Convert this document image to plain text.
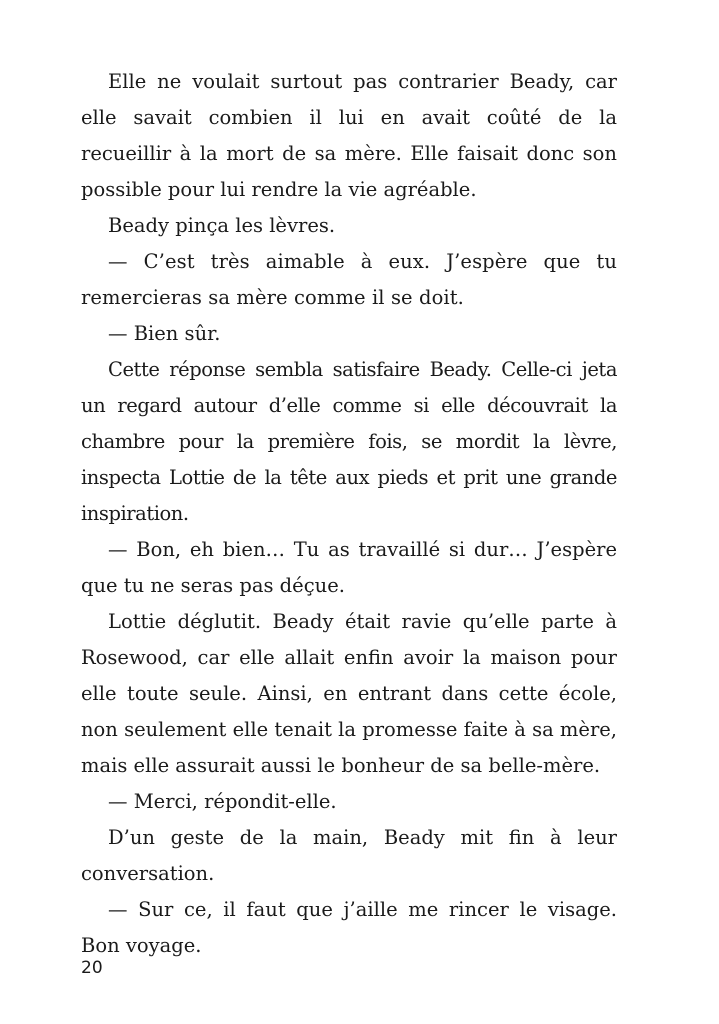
Elle ne voulait surtout pas contrarier Beady, car elle savait combien il lui en avait coûté de la recueillir à la mort de sa mère. Elle faisait donc son possible pour lui rendre la vie agréable.

Beady pinça les lèvres.

— C’est très aimable à eux. J’espère que tu remercieras sa mère comme il se doit.

— Bien sûr.

Cette réponse sembla satisfaire Beady. Celle-ci jeta un regard autour d’elle comme si elle découvrait la chambre pour la première fois, se mordit la lèvre, inspecta Lottie de la tête aux pieds et prit une grande inspiration.

— Bon, eh bien… Tu as travaillé si dur… J’espère que tu ne seras pas déçue.

Lottie déglutit. Beady était ravie qu’elle parte à Rosewood, car elle allait enfin avoir la maison pour elle toute seule. Ainsi, en entrant dans cette école, non seulement elle tenait la promesse faite à sa mère, mais elle assurait aussi le bonheur de sa belle-mère.

— Merci, répondit-elle.

D’un geste de la main, Beady mit fin à leur conversation.

— Sur ce, il faut que j’aille me rincer le visage. Bon voyage.

20
